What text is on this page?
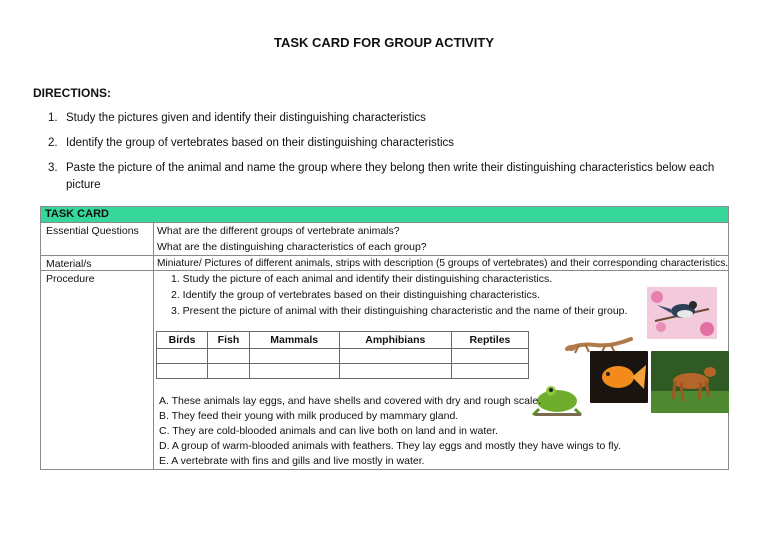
TASK CARD FOR GROUP ACTIVITY
DIRECTIONS:
1. Study the pictures given and identify their distinguishing characteristics
2. Identify the group of vertebrates based on their distinguishing characteristics
3. Paste the picture of the animal and name the group where they belong then write their distinguishing characteristics below each picture
TASK CARD
Essential Questions What are the different groups of vertebrate animals?
What are the distinguishing characteristics of each group?
Material/s	Miniature/ Pictures of different animals, strips with description (5 groups of vertebrates) and their corresponding characteristics.
Procedure	1. Study the picture of each animal and identify their distinguishing characteristics.
2. Identify the group of vertebrates based on their distinguishing characteristics.
3. Present the picture of animal with their distinguishing characteristic and the name of their group.
Birds	Fish	Mammals	Amphibians	Reptiles

A. These animals lay eggs, and have shells and covered with dry and rough scale.
B. They feed their young with milk produced by mammary gland.
C. They are cold-blooded animals and can live both on land and in water.
D. A group of warm-blooded animals with feathers. They lay eggs and mostly they have wings to fly.
E. A vertebrate with fins and gills and live mostly in water.
